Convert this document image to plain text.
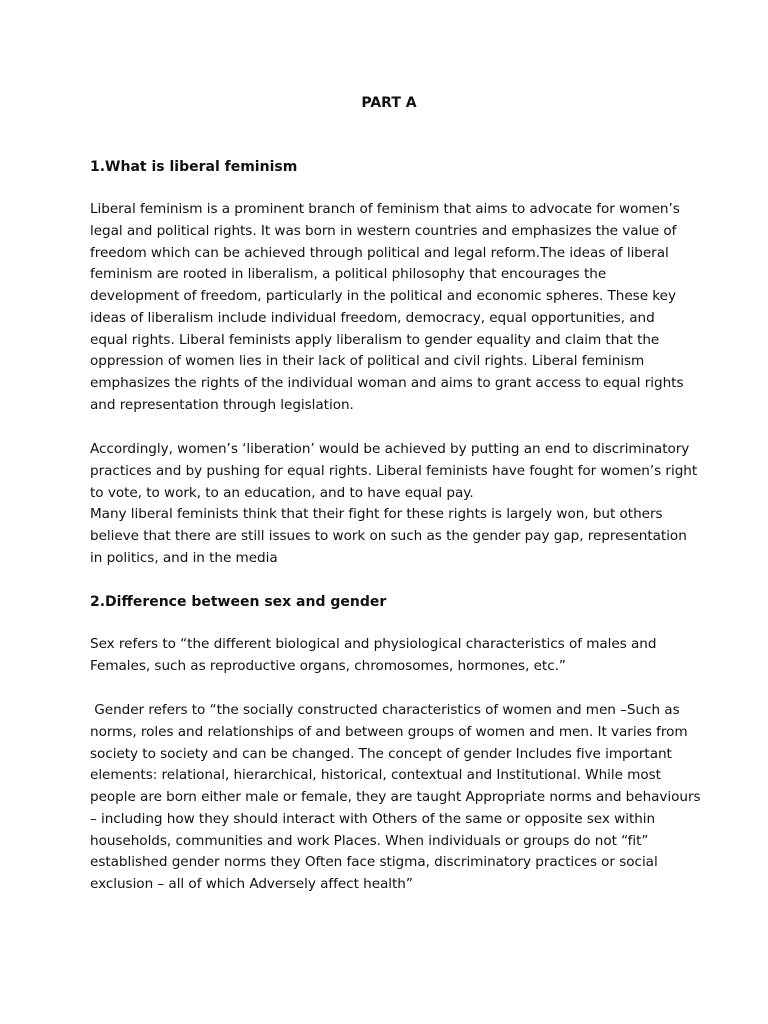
PART A
1.What is liberal feminism

Liberal feminism is a prominent branch of feminism that aims to advocate for women’s
legal and political rights. It was born in western countries and emphasizes the value of
freedom which can be achieved through political and legal reform.The ideas of liberal
feminism are rooted in liberalism, a political philosophy that encourages the
development of freedom, particularly in the political and economic spheres. These key
ideas of liberalism include individual freedom, democracy, equal opportunities, and
equal rights. Liberal feminists apply liberalism to gender equality and claim that the
oppression of women lies in their lack of political and civil rights. Liberal feminism
emphasizes the rights of the individual woman and aims to grant access to equal rights
and representation through legislation.

Accordingly, women’s ‘liberation’ would be achieved by putting an end to discriminatory
practices and by pushing for equal rights. Liberal feminists have fought for women’s right
to vote, to work, to an education, and to have equal pay.
Many liberal feminists think that their fight for these rights is largely won, but others
believe that there are still issues to work on such as the gender pay gap, representation
in politics, and in the media

2.Difference between sex and gender

Sex refers to “the different biological and physiological characteristics of males and
Females, such as reproductive organs, chromosomes, hormones, etc.”

Gender refers to “the socially constructed characteristics of women and men –Such as
norms, roles and relationships of and between groups of women and men. It varies from
society to society and can be changed. The concept of gender Includes five important
elements: relational, hierarchical, historical, contextual and Institutional. While most
people are born either male or female, they are taught Appropriate norms and behaviours
– including how they should interact with Others of the same or opposite sex within
households, communities and work Places. When individuals or groups do not “fit”
established gender norms they Often face stigma, discriminatory practices or social
exclusion – all of which Adversely affect health”
